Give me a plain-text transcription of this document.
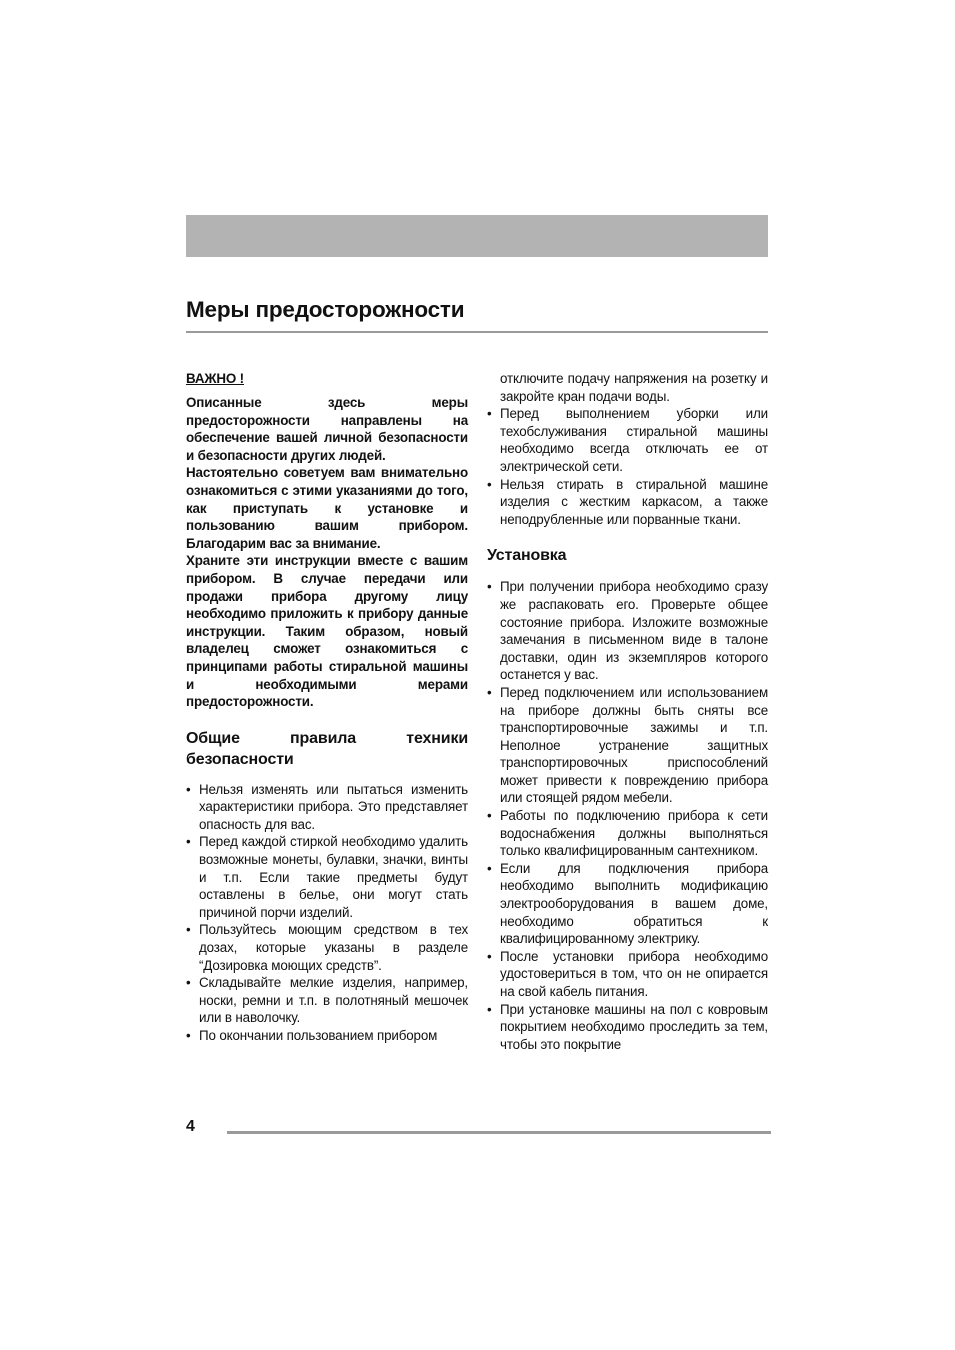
Меры предосторожности

ВАЖНО !

Описанные здесь меры предосторожности направлены на обеспечение вашей личной безопасности и безопасности других людей.

Настоятельно советуем вам внимательно ознакомиться с этими указаниями до того, как приступать к установке и пользованию вашим прибором. Благодарим вас за внимание.

Храните эти инструкции вместе с вашим прибором. В случае передачи или продажи прибора другому лицу необходимо приложить к прибору данные инструкции. Таким образом, новый владелец сможет ознакомиться с принципами работы стиральной машины и необходимыми мерами предосторожности.

Общие правила техники безопасности
• Нельзя изменять или пытаться изменить характеристики прибора. Это представляет опасность для вас.
• Перед каждой стиркой необходимо удалить возможные монеты, булавки, значки, винты и т.п. Если такие предметы будут оставлены в белье, они могут стать причиной порчи изделий.
• Пользуйтесь моющим средством в тех дозах, которые указаны в разделе “Дозировка моющих средств”.
• Складывайте мелкие изделия, например, носки, ремни и т.п. в полотняный мешочек или в наволочку.
• По окончании пользованием прибором

отключите подачу напряжения на розетку и закройте кран подачи воды.

• Перед выполнением уборки или техобслуживания стиральной машины необходимо всегда отключать ее от электрической сети.
• Нельзя стирать в стиральной машине изделия с жестким каркасом, а также неподрубленные или порванные ткани.
Установка
• При получении прибора необходимо сразу же распаковать его. Проверьте общее состояние прибора. Изложите возможные замечания в письменном виде в талоне доставки, один из экземпляров которого останется у вас.
• Перед подключением или использованием на приборе должны быть сняты все транспортировочные зажимы и т.п. Неполное устранение защитных транспортировочных приспособлений может привести к повреждению прибора или стоящей рядом мебели.
• Работы по подключению прибора к сети водоснабжения должны выполняться только квалифицированным сантехником.
• Если для подключения прибора необходимо выполнить модификацию электрооборудования в вашем доме, необходимо обратиться к квалифицированному электрику.
• После установки прибора необходимо удостовериться в том, что он не опирается на свой кабель питания.
• При установке машины на пол с ковровым покрытием необходимо проследить за тем, чтобы это покрытие
4
